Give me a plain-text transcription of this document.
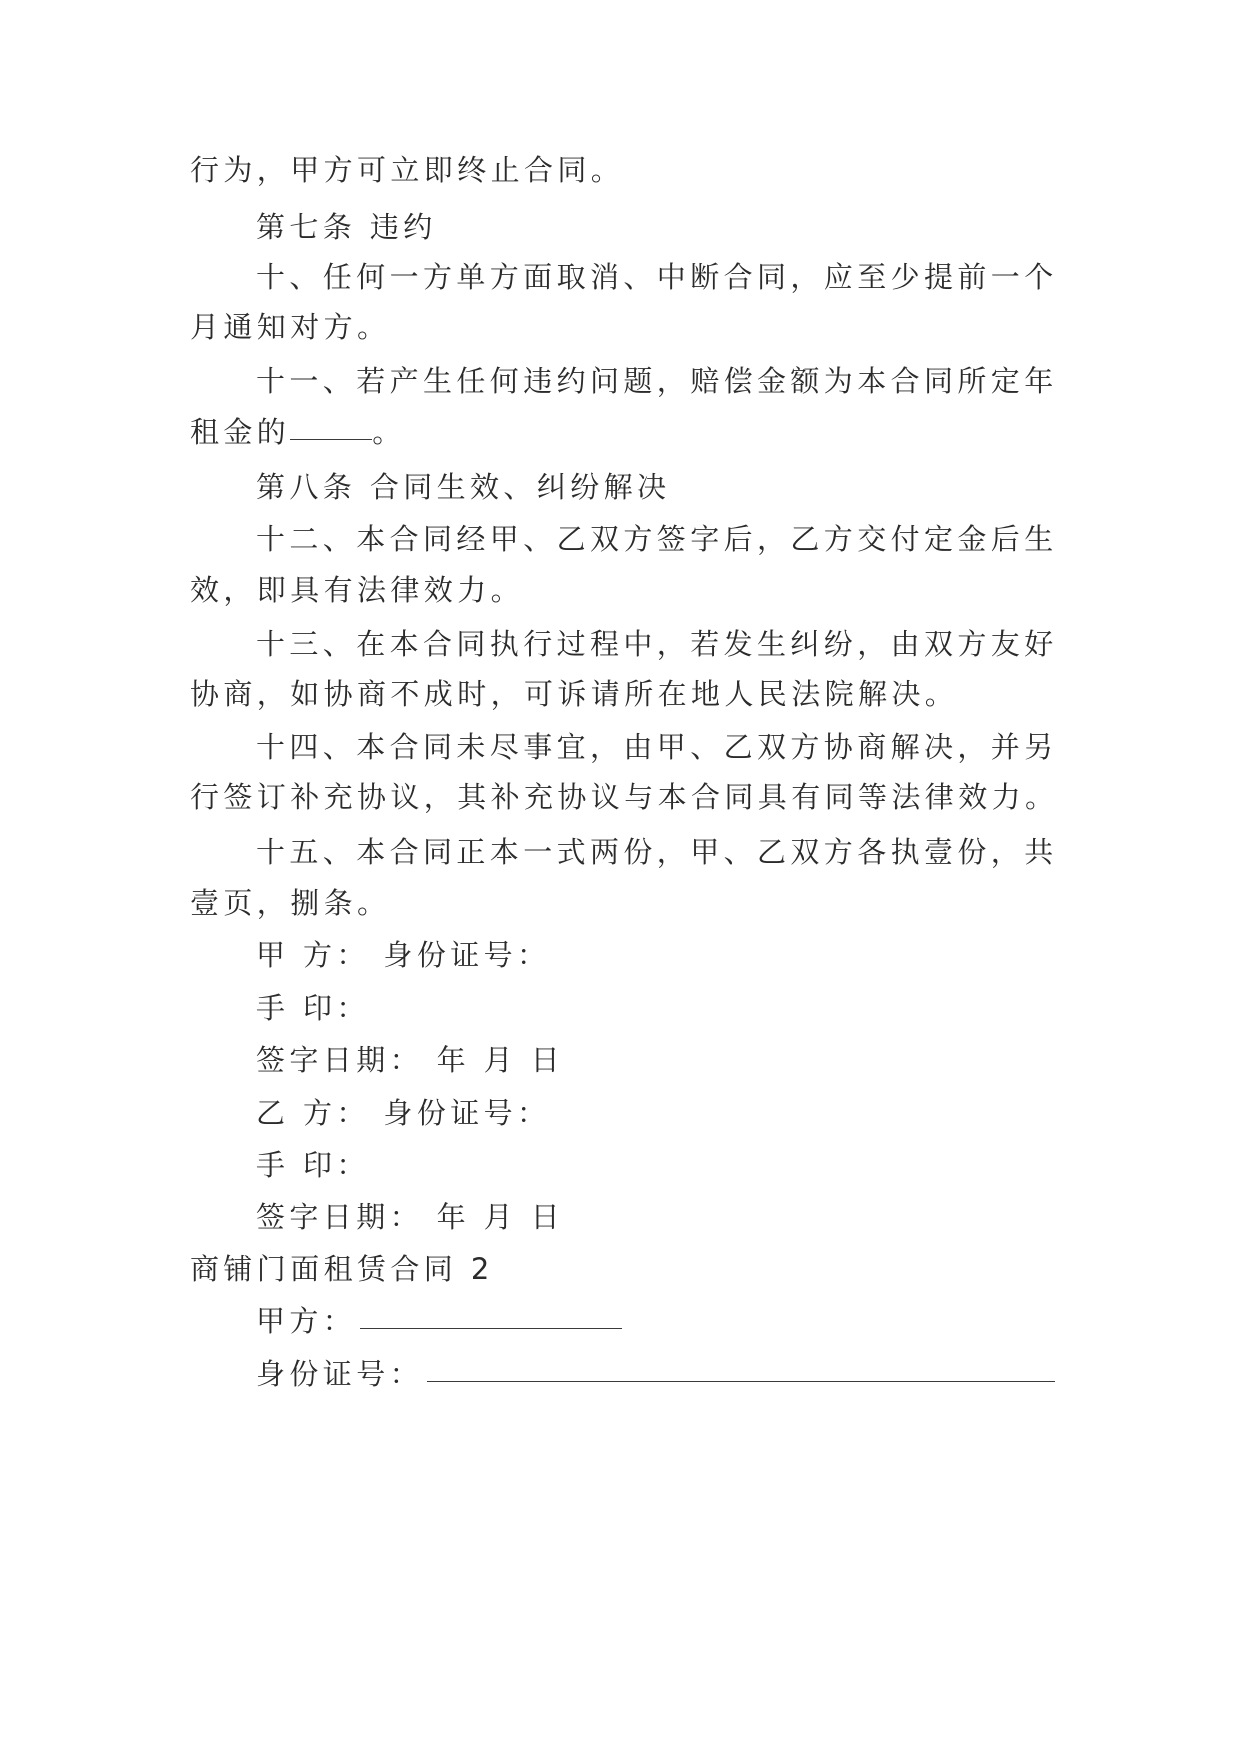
行为，甲方可立即终止合同。
第七条 违约
十、任何一方单方面取消、中断合同，应至少提前一个
月通知对方。
十一、若产生任何违约问题，赔偿金额为本合同所定年
租金的	。
第八条 合同生效、纠纷解决
十二、本合同经甲、乙双方签字后，乙方交付定金后生
效，即具有法律效力。
十三、在本合同执行过程中，若发生纠纷，由双方友好
协商，如协商不成时，可诉请所在地人民法院解决。
十四、本合同未尽事宜，由甲、乙双方协商解决，并另
行签订补充协议，其补充协议与本合同具有同等法律效力。
十五、本合同正本一式两份，甲、乙双方各执壹份，共
壹页，捌条。
甲 方： 身份证号：
手 印：
签字日期： 年 月 日
乙 方： 身份证号：
手 印：
签字日期： 年 月 日
商铺门面租赁合同 2
甲方：
身份证号：
